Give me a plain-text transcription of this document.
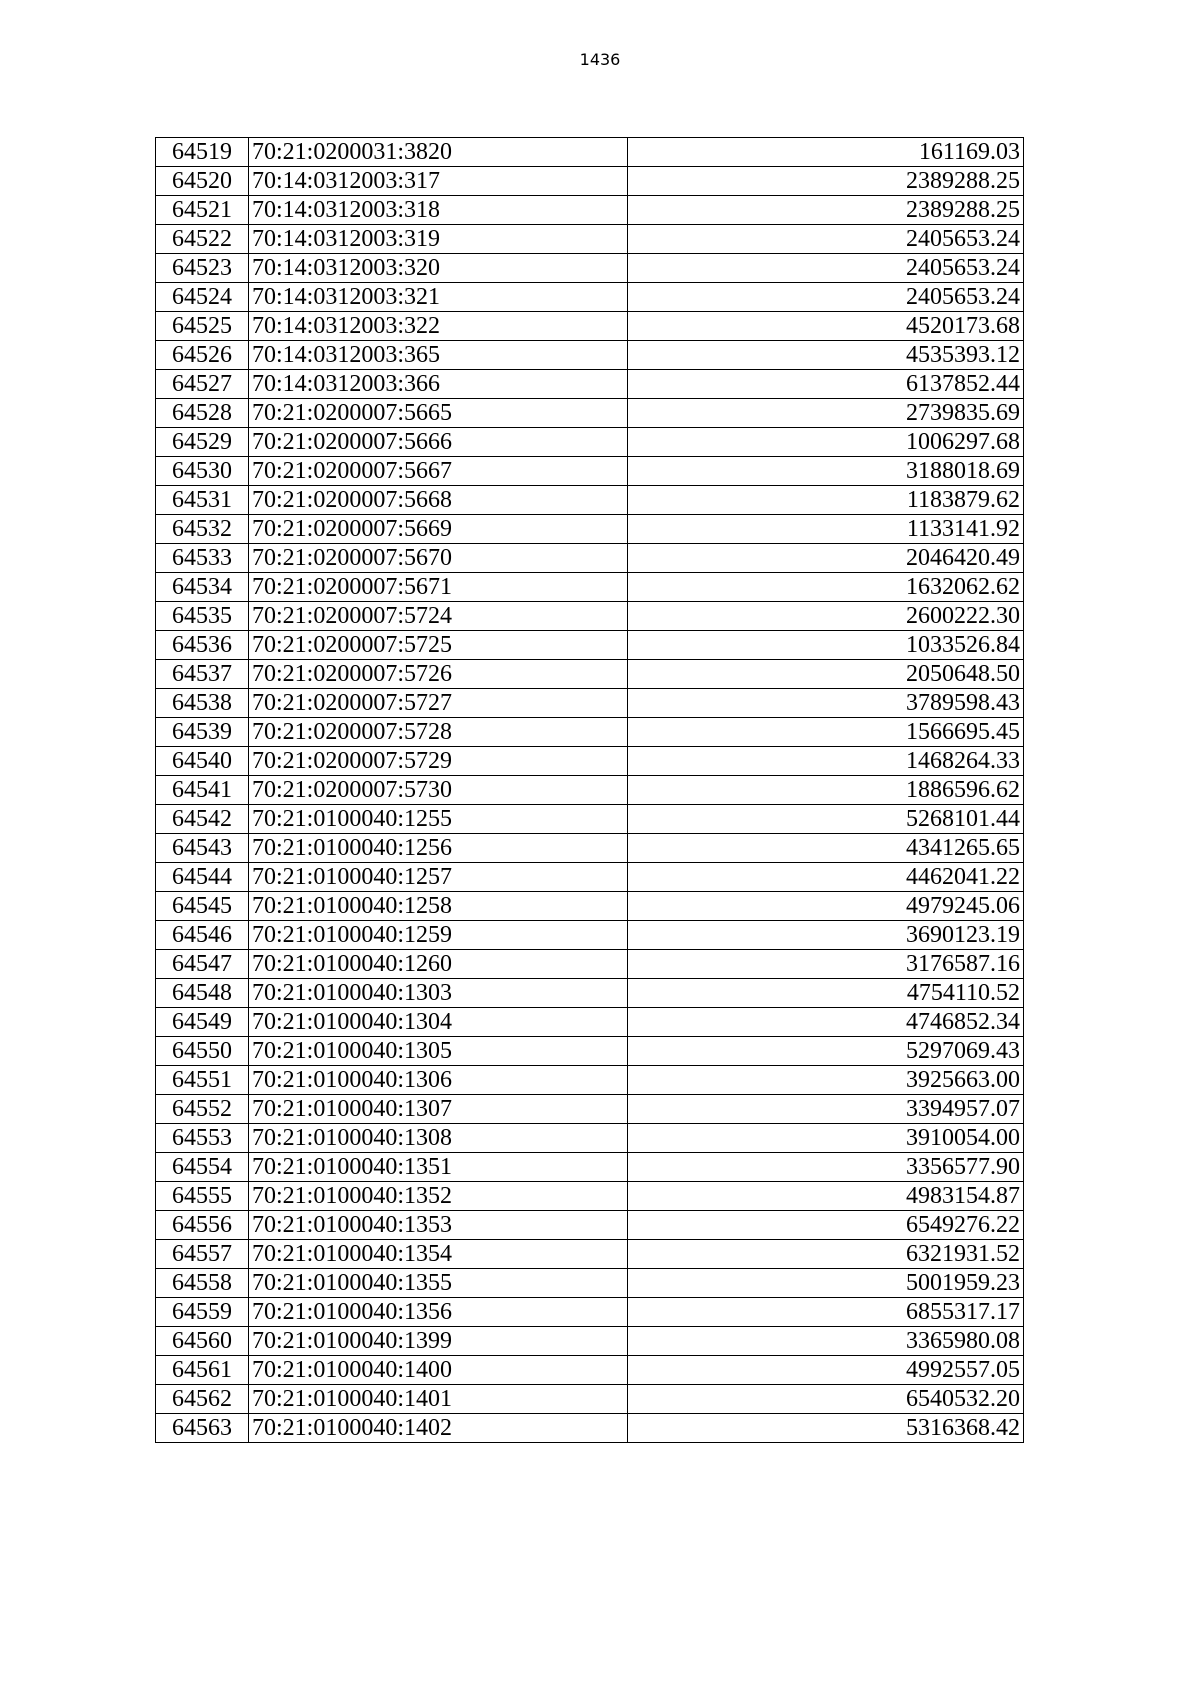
1436
64519	70:21:0200031:3820	161169.03
64520	70:14:0312003:317	2389288.25
64521	70:14:0312003:318	2389288.25
64522	70:14:0312003:319	2405653.24
64523	70:14:0312003:320	2405653.24
64524	70:14:0312003:321	2405653.24
64525	70:14:0312003:322	4520173.68
64526	70:14:0312003:365	4535393.12
64527	70:14:0312003:366	6137852.44
64528	70:21:0200007:5665	2739835.69
64529	70:21:0200007:5666	1006297.68
64530	70:21:0200007:5667	3188018.69
64531	70:21:0200007:5668	1183879.62
64532	70:21:0200007:5669	1133141.92
64533	70:21:0200007:5670	2046420.49
64534	70:21:0200007:5671	1632062.62
64535	70:21:0200007:5724	2600222.30
64536	70:21:0200007:5725	1033526.84
64537	70:21:0200007:5726	2050648.50
64538	70:21:0200007:5727	3789598.43
64539	70:21:0200007:5728	1566695.45
64540	70:21:0200007:5729	1468264.33
64541	70:21:0200007:5730	1886596.62
64542	70:21:0100040:1255	5268101.44
64543	70:21:0100040:1256	4341265.65
64544	70:21:0100040:1257	4462041.22
64545	70:21:0100040:1258	4979245.06
64546	70:21:0100040:1259	3690123.19
64547	70:21:0100040:1260	3176587.16
64548	70:21:0100040:1303	4754110.52
64549	70:21:0100040:1304	4746852.34
64550	70:21:0100040:1305	5297069.43
64551	70:21:0100040:1306	3925663.00
64552	70:21:0100040:1307	3394957.07
64553	70:21:0100040:1308	3910054.00
64554	70:21:0100040:1351	3356577.90
64555	70:21:0100040:1352	4983154.87
64556	70:21:0100040:1353	6549276.22
64557	70:21:0100040:1354	6321931.52
64558	70:21:0100040:1355	5001959.23
64559	70:21:0100040:1356	6855317.17
64560	70:21:0100040:1399	3365980.08
64561	70:21:0100040:1400	4992557.05
64562	70:21:0100040:1401	6540532.20
64563	70:21:0100040:1402	5316368.42
